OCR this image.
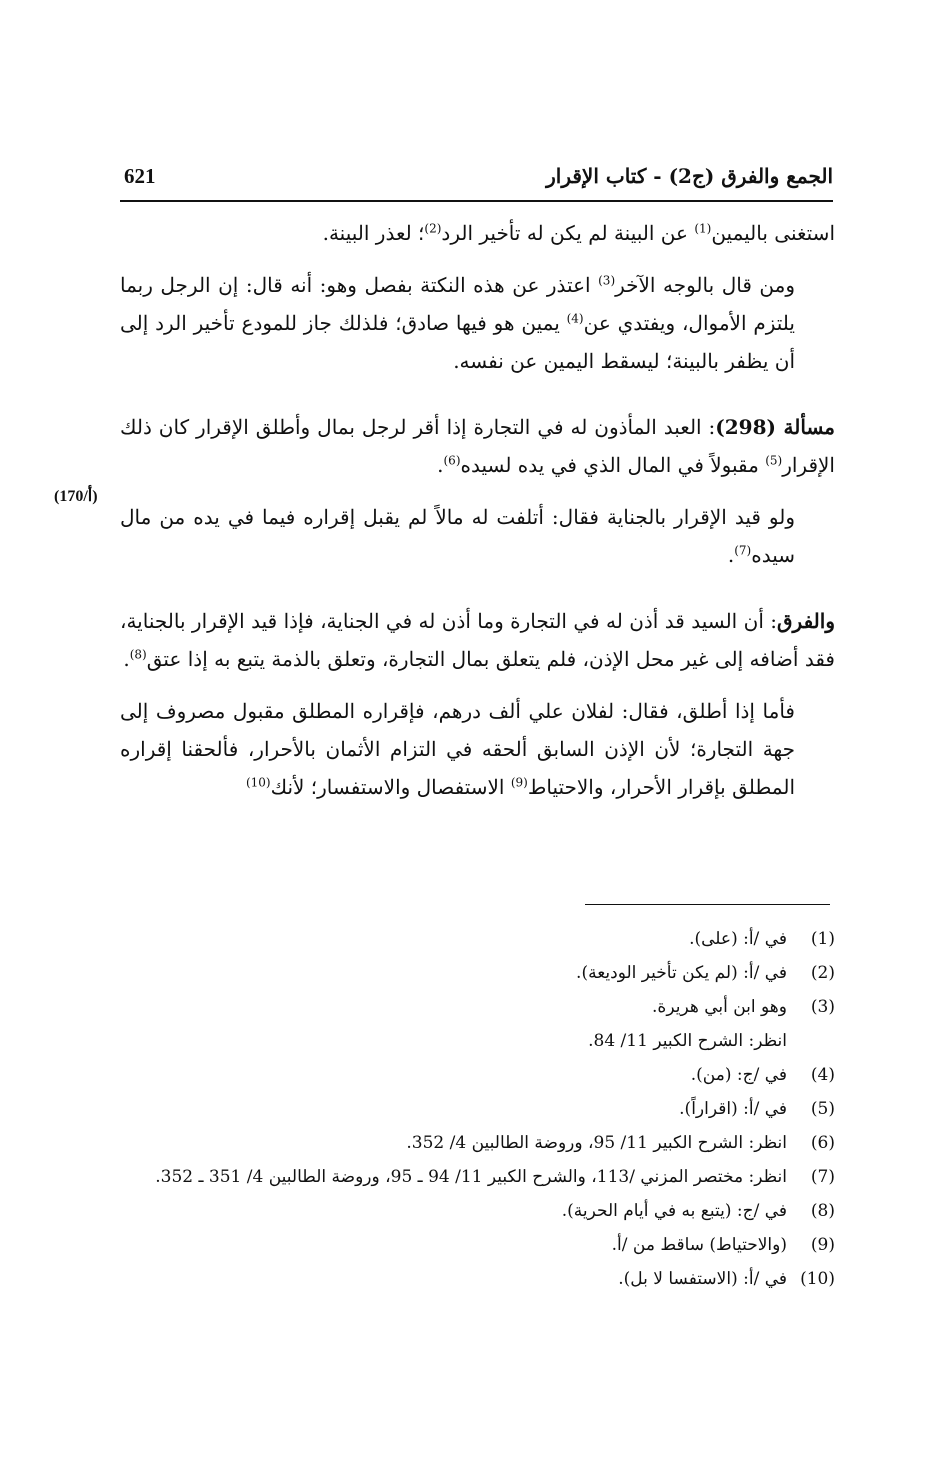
621	الجمع والفرق (ج2) - كتاب الإقرار
(170/أ)

استغنى باليمين$^{(1)}$ عن البينة لم يكن له تأخير الرد$^{(2)}$؛ لعذر البينة.

ومن قال بالوجه الآخر$^{(3)}$ اعتذر عن هذه النكتة بفصل وهو: أنه قال: إن الرجل ربما يلتزم الأموال، ويفتدي عن$^{(4)}$ يمين هو فيها صادق؛ فلذلك جاز للمودع تأخير الرد إلى أن يظفر بالبينة؛ ليسقط اليمين عن نفسه.

مسألة (298): العبد المأذون له في التجارة إذا أقر لرجل بمال وأطلق الإقرار كان ذلك الإقرار$^{(5)}$ مقبولاً في المال الذي في يده لسيده$^{(6)}$.

ولو قيد الإقرار بالجناية فقال: أتلفت له مالاً لم يقبل إقراره فيما في يده من مال سيده$^{(7)}$.

والفرق: أن السيد قد أذن له في التجارة وما أذن له في الجناية، فإذا قيد الإقرار بالجناية، فقد أضافه إلى غير محل الإذن، فلم يتعلق بمال التجارة، وتعلق بالذمة يتبع به إذا عتق$^{(8)}$.

فأما إذا أطلق، فقال: لفلان علي ألف درهم، فإقراره المطلق مقبول مصروف إلى جهة التجارة؛ لأن الإذن السابق ألحقه في التزام الأثمان بالأحرار، فألحقنا إقراره المطلق بإقرار الأحرار، والاحتياط$^{(9)}$ الاستفصال والاستفسار؛ لأنك$^{(10)}$

(1)
في /أ: (على).
(2)
في /أ: (لم يكن تأخير الوديعة).
(3)
وهو ابن أبي هريرة.
انظر: الشرح الكبير 11/ 84.
(4)
في /ج: (من).
(5)
في /أ: (اقراراً).
(6)
انظر: الشرح الكبير 11/ 95، وروضة الطالبين 4/ 352.
(7)
انظر: مختصر المزني /113، والشرح الكبير 11/ 94 ـ 95، وروضة الطالبين 4/ 351 ـ 352.
(8)
في /ج: (يتبع به في أيام الحرية).
(9)
(والاحتياط) ساقط من /أ.
(10)
في /أ: (الاستفسا لا بل).
